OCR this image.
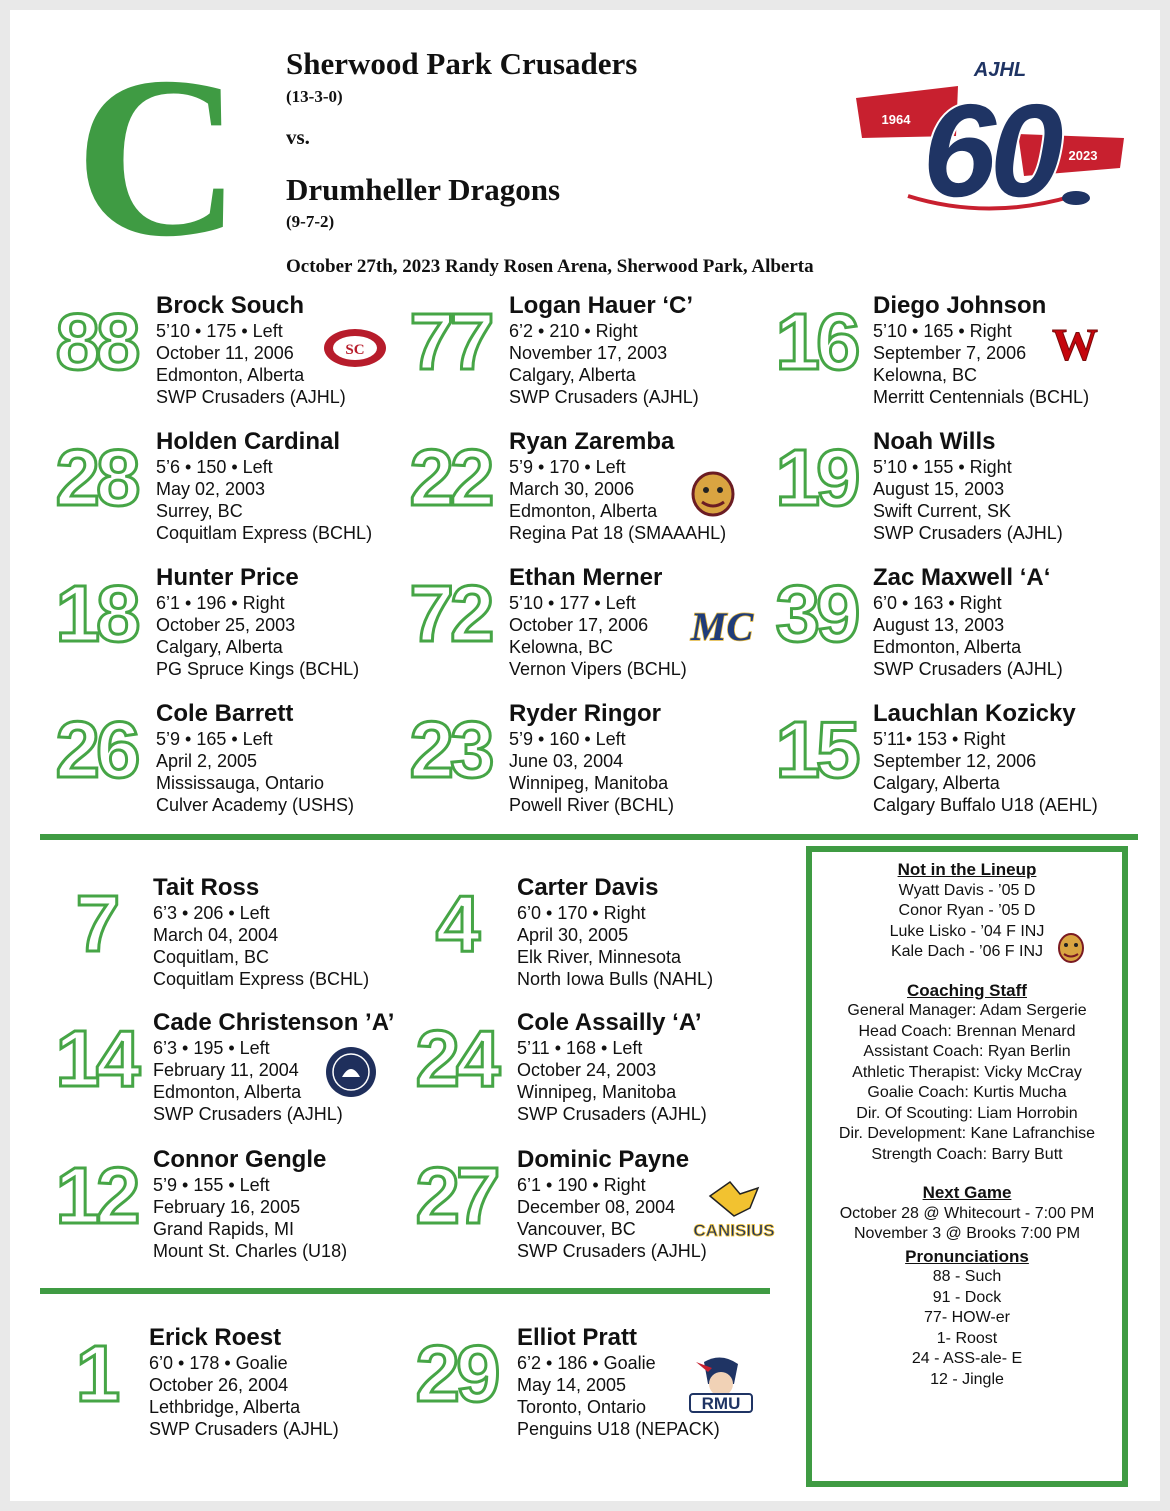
C	1964
2023
60
AJHL
Sherwood Park Crusaders
(13-3-0)
vs.
Drumheller Dragons
(9-7-2)
October 27th, 2023 Randy Rosen Arena, Sherwood Park, Alberta
88 Brock Souch
5’10 • 175 • Left
October 11, 2006
Edmonton, Alberta
SWP Crusaders (AJHL)
SC 77 Logan Hauer ‘C’
6’2 • 210 • Right
November 17, 2003
Calgary, Alberta
SWP Crusaders (AJHL)
16 Diego Johnson
5’10 • 165 • Right
September 7, 2006
Kelowna, BC
Merritt Centennials (BCHL)
W
28 Holden Cardinal
5’6 • 150 • Left
May 02, 2003
Surrey, BC
Coquitlam Express (BCHL)
22 Ryan Zaremba
5’9 • 170 • Left
March 30, 2006
Edmonton, Alberta
Regina Pat 18 (SMAAAHL)
19 Noah Wills
5’10 • 155 • Right
August 15, 2003
Swift Current, SK
SWP Crusaders (AJHL)
18 Hunter Price
6’1 • 196 • Right
October 25, 2003
Calgary, Alberta
PG Spruce Kings (BCHL)
72 Ethan Merner
5’10 • 177 • Left
October 17, 2006
Kelowna, BC
Vernon Vipers (BCHL)
MC 39 Zac Maxwell ‘A‘
6’0 • 163 • Right
August 13, 2003
Edmonton, Alberta
SWP Crusaders (AJHL)
26 Cole Barrett
5’9 • 165 • Left
April 2, 2005
Mississauga, Ontario
Culver Academy (USHS)
23 Ryder Ringor
5’9 • 160 • Left
June 03, 2004
Winnipeg, Manitoba
Powell River (BCHL)
15 Lauchlan Kozicky
5’11• 153 • Right
September 12, 2006
Calgary, Alberta
Calgary Buffalo U18 (AEHL)
7	Tait Ross
6’3 • 206 • Left
March 04, 2004
Coquitlam, BC
Coquitlam Express (BCHL)
4	Carter Davis
6’0 • 170 • Right
April 30, 2005
Elk River, Minnesota
North Iowa Bulls (NAHL)
14 Cade Christenson ’A’
6’3 • 195 • Left
February 11, 2004
Edmonton, Alberta
SWP Crusaders (AJHL)
24 Cole Assailly ‘A’
5’11 • 168 • Left
October 24, 2003
Winnipeg, Manitoba
SWP Crusaders (AJHL)
12 Connor Gengle
5’9 • 155 • Left
February 16, 2005
Grand Rapids, MI
Mount St. Charles (U18)
27 Dominic Payne
6’1 • 190 • Right
December 08, 2004
Vancouver, BC
SWP Crusaders (AJHL)
CANISIUS
1	Erick Roest
6’0 • 178 • Goalie
October 26, 2004
Lethbridge, Alberta
SWP Crusaders (AJHL)
29 Elliot Pratt
6’2 • 186 • Goalie
May 14, 2005
Toronto, Ontario
Penguins U18 (NEPACK)
RMU
Not in the Lineup
Wyatt Davis - ’05 D
Conor Ryan - ’05 D
Luke Lisko - ’04 F INJ
Kale Dach - ’06 F INJ
Coaching Staff
General Manager: Adam Sergerie
Head Coach: Brennan Menard
Assistant Coach: Ryan Berlin
Athletic Therapist: Vicky McCray
Goalie Coach: Kurtis Mucha
Dir. Of Scouting: Liam Horrobin
Dir. Development: Kane Lafranchise
Strength Coach: Barry Butt
Next Game
October 28 @ Whitecourt - 7:00 PM
November 3 @ Brooks 7:00 PM
Pronunciations
88 - Such
91 - Dock
77- HOW-er
1- Roost
24 - ASS-ale- E
12 - Jingle
